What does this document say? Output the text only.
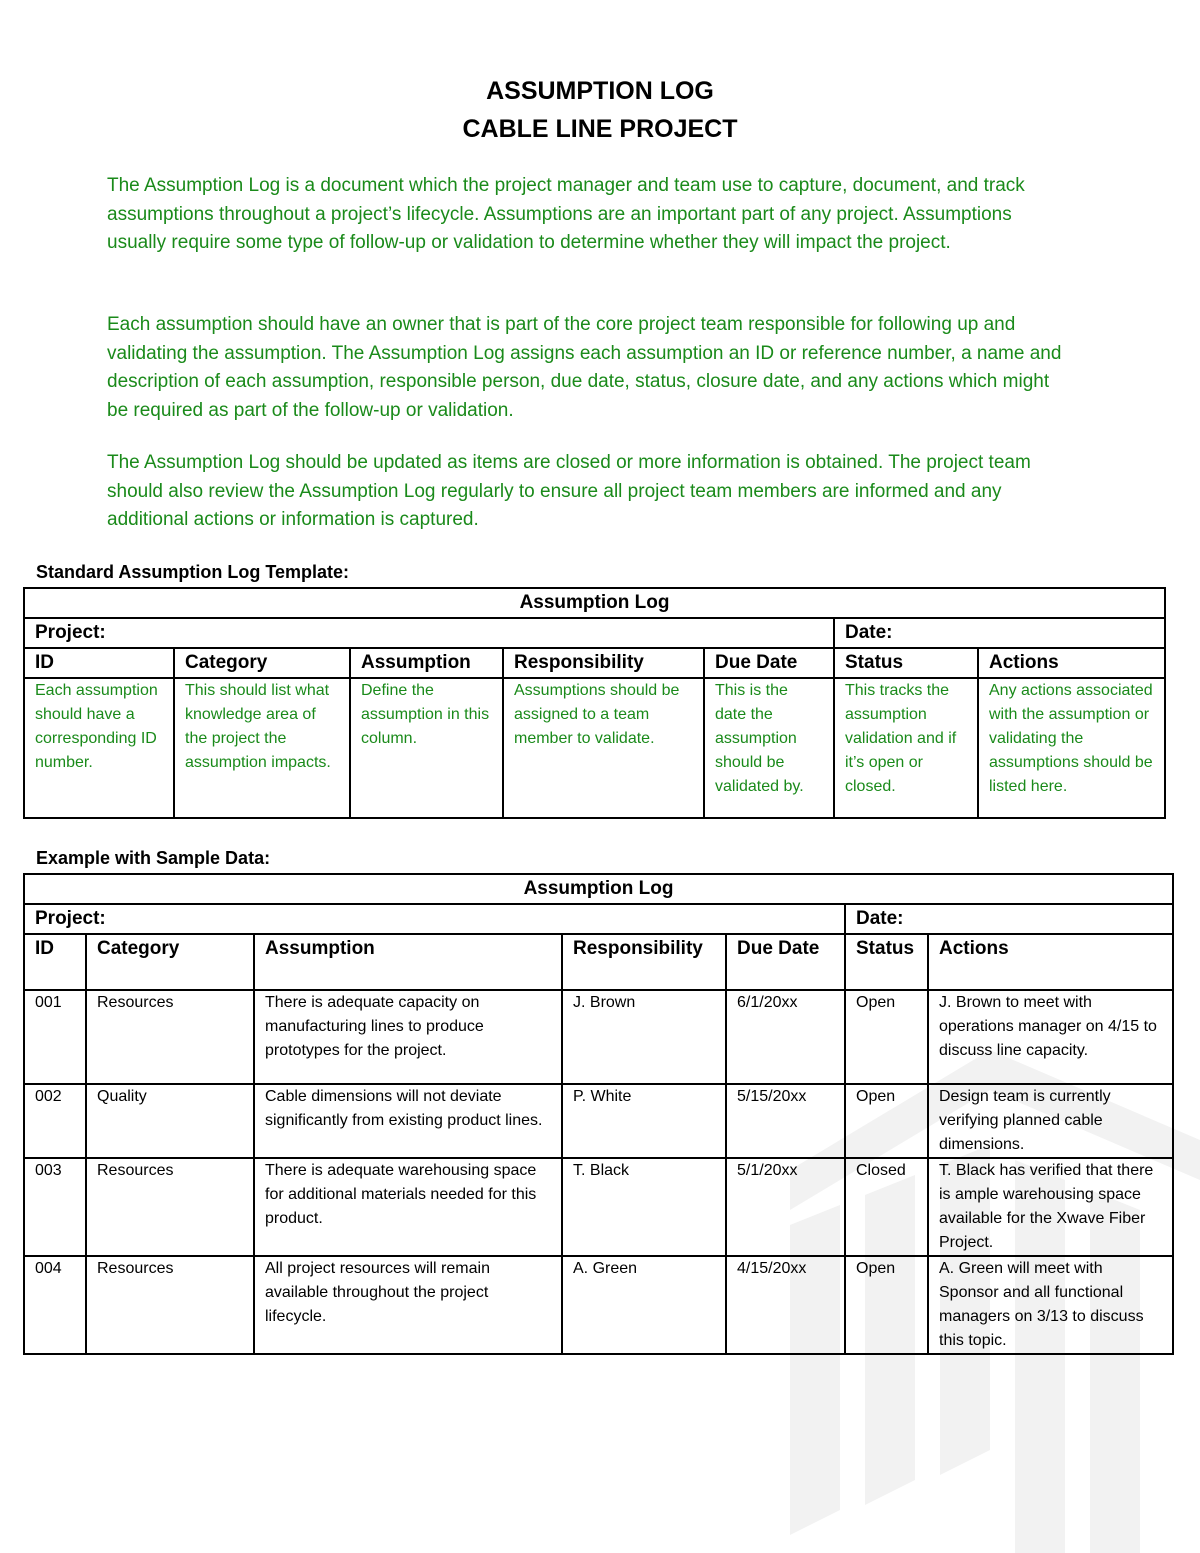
ASSUMPTION LOG
CABLE LINE PROJECT

The Assumption Log is a document which the project manager and team use to capture, document, and track assumptions throughout a project’s lifecycle. Assumptions are an important part of any project. Assumptions usually require some type of follow-up or validation to determine whether they will impact the project.

Each assumption should have an owner that is part of the core project team responsible for following up and validating the assumption. The Assumption Log assigns each assumption an ID or reference number, a name and description of each assumption, responsible person, due date, status, closure date, and any actions which might be required as part of the follow-up or validation.

The Assumption Log should be updated as items are closed or more information is obtained. The project team should also review the Assumption Log regularly to ensure all project team members are informed and any additional actions or information is captured.

Standard Assumption Log Template:
Assumption Log						
Project:					Date:	
ID	Category	Assumption	Responsibility	Due Date	Status	Actions
Each assumption should have a corresponding ID number.	This should list what knowledge area of the project the assumption impacts.	Define the assumption in this column.	Assumptions should be assigned to a team member to validate.	This is the date the assumption should be validated by.	This tracks the assumption validation and if it’s open or closed.	Any actions associated with the assumption or validating the assumptions should be listed here.
Example with Sample Data:
Assumption Log						
Project:					Date:	
ID	Category	Assumption	Responsibility	Due Date	Status	Actions
001	Resources	There is adequate capacity on manufacturing lines to produce prototypes for the project.	J. Brown	6/1/20xx	Open	J. Brown to meet with operations manager on 4/15 to discuss line capacity.
002	Quality	Cable dimensions will not deviate significantly from existing product lines.	P. White	5/15/20xx	Open	Design team is currently verifying planned cable dimensions.
003	Resources	There is adequate warehousing space for additional materials needed for this product.	T. Black	5/1/20xx	Closed	T. Black has verified that there is ample warehousing space available for the Xwave Fiber Project.
004	Resources	All project resources will remain available throughout the project lifecycle.	A. Green	4/15/20xx	Open	A. Green will meet with Sponsor and all functional managers on 3/13 to discuss this topic.
